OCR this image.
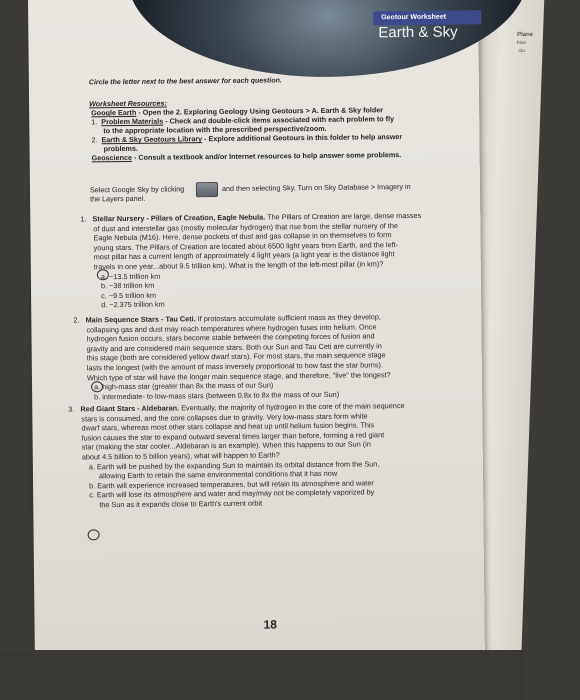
Plane
blue
stu
Geotour Worksheet
Earth & Sky
Circle the letter next to the best answer for each question.
Worksheet Resources:
Google Earth - Open the 2. Exploring Geology Using Geotours > A. Earth & Sky folder
1.  Problem Materials - Check and double-click items associated with each problem to fly
to the appropriate location with the prescribed perspective/zoom.
2.  Earth & Sky Geotours Library - Explore additional Geotours in this folder to help answer
problems.
Geoscience - Consult a textbook and/or Internet resources to help answer some problems.
Select Google Sky by clicking	and then selecting Sky. Turn on Sky Database > Imagery in
the Layers panel.

1. Stellar Nursery - Pillars of Creation, Eagle Nebula. The Pillars of Creation are large, dense masses

of dust and interstellar gas (mostly molecular hydrogen) that rise from the stellar nursery of the

Eagle Nebula (M16). Here, dense pockets of dust and gas collapse in on themselves to form

young stars. The Pillars of Creation are located about 6500 light years from Earth, and the left-

most pillar has a current length of approximately 4 light years (a light year is the distance light

travels in one year...about 9.5 trillion km). What is the length of the left-most pillar (in km)?

a. ~13.5 trillion km

b. ~38 trillion km

c. ~9.5 trillion km

d. ~2.375 trillion km

2. Main Sequence Stars - Tau Ceti. If protostars accumulate sufficient mass as they develop,

collapsing gas and dust may reach temperatures where hydrogen fuses into helium. Once

hydrogen fusion occurs, stars become stable between the competing forces of fusion and

gravity and are considered main sequence stars. Both our Sun and Tau Ceti are currently in

this stage (both are considered yellow dwarf stars). For most stars, the main sequence stage

lasts the longest (with the amount of mass inversely proportional to how fast the star burns).

Which type of star will have the longer main sequence stage, and therefore, "live" the longest?

a. high-mass star (greater than 8x the mass of our Sun)

b. intermediate- to low-mass stars (between 0.8x to 8x the mass of our Sun)

3. Red Giant Stars - Aldebaran. Eventually, the majority of hydrogen in the core of the main sequence

stars is consumed, and the core collapses due to gravity. Very low-mass stars form white

dwarf stars, whereas most other stars collapse and heat up until helium fusion begins. This

fusion causes the star to expand outward several times larger than before, forming a red giant

star (making the star cooler...Aldebaran is an example). When this happens to our Sun (in

about 4.5 billion to 5 billion years), what will happen to Earth?

a. Earth will be pushed by the expanding Sun to maintain its orbital distance from the Sun,

allowing Earth to retain the same environmental conditions that it has now

b. Earth will experience increased temperatures, but will retain its atmosphere and water

c. Earth will lose its atmosphere and water and may/may not be completely vaporized by

the Sun as it expands close to Earth's current orbit

18
